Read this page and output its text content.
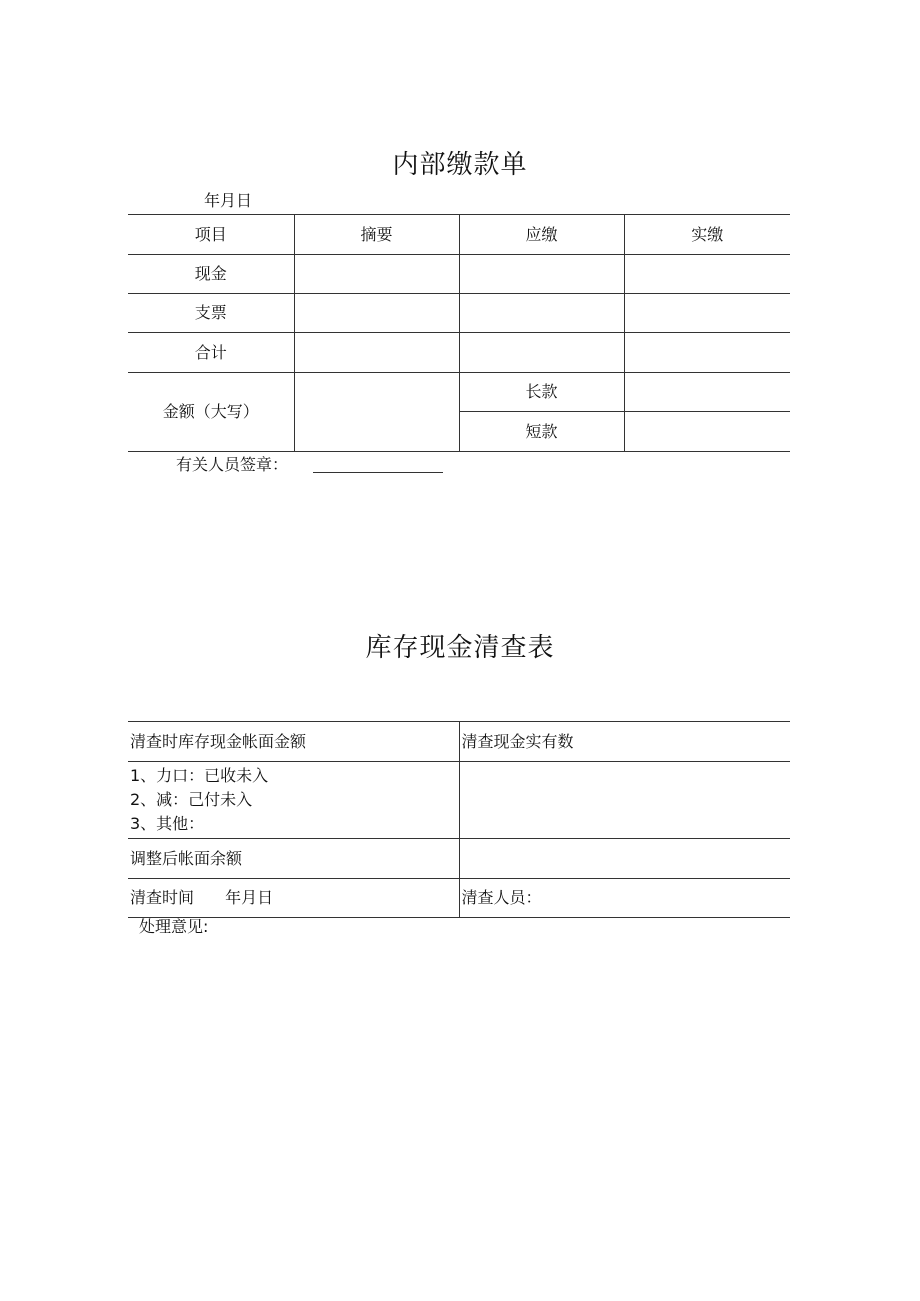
内部缴款单
年月日
项目	摘要	应缴	实缴
现金			
支票			
合计			
金额（大写）		长款	
		短款	
有关人员签章：
库存现金清查表
清查时库存现金帐面金额	清查现金实有数

1、力口：已收未入
2、减：己付未入
3、其他：	

调整后帐面余额	
清查时间 年月日	清查人员：
处理意见:
